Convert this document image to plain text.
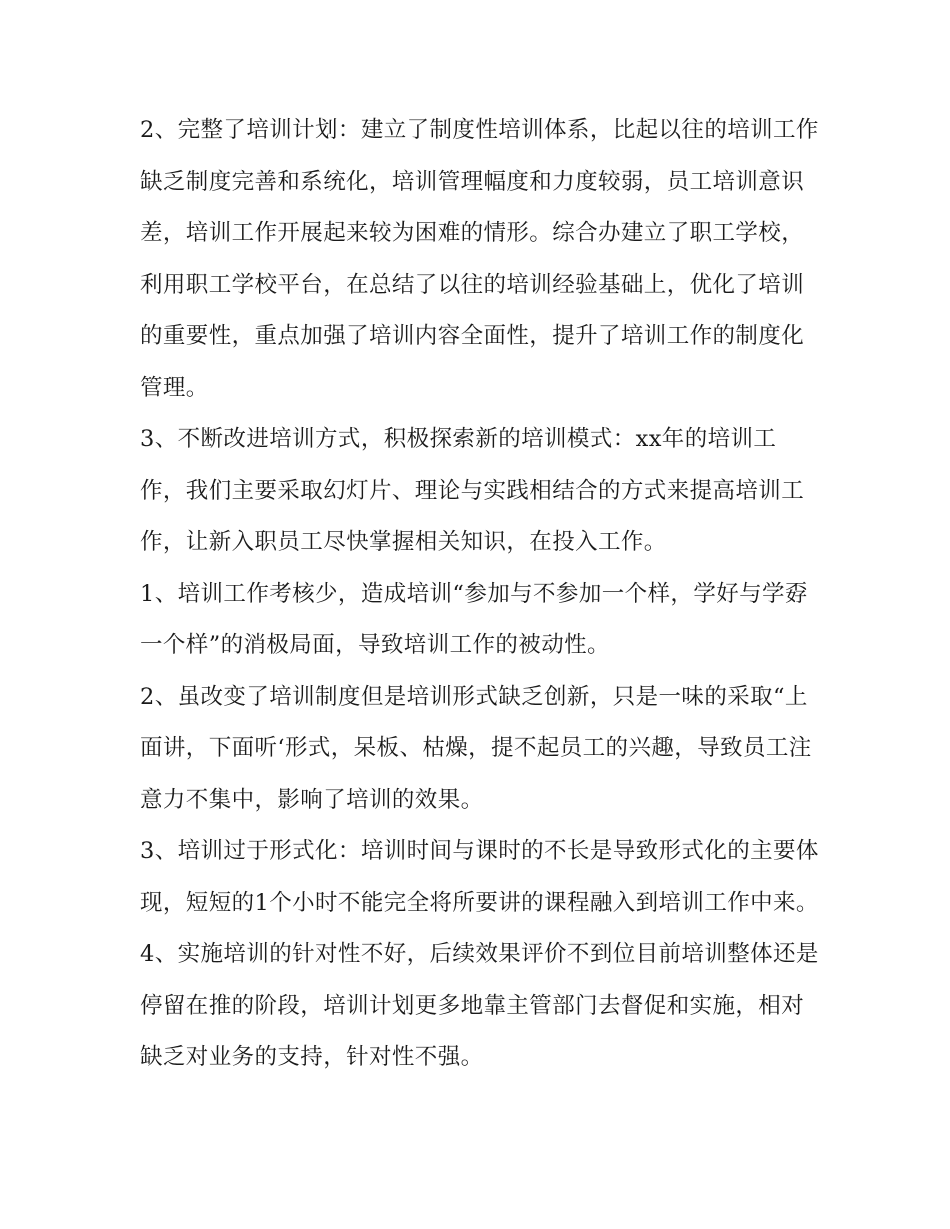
2、完整了培训计划：建立了制度性培训体系，比起以往的培训工作缺乏制度完善和系统化，培训管理幅度和力度较弱，员工培训意识差，培训工作开展起来较为困难的情形。综合办建立了职工学校，利用职工学校平台，在总结了以往的培训经验基础上，优化了培训的重要性，重点加强了培训内容全面性，提升了培训工作的制度化管理。

3、不断改进培训方式，积极探索新的培训模式：xx年的培训工作，我们主要采取幻灯片、理论与实践相结合的方式来提高培训工作，让新入职员工尽快掌握相关知识，在投入工作。

1、培训工作考核少，造成培训“参加与不参加一个样，学好与学孬一个样”的消极局面，导致培训工作的被动性。

2、虽改变了培训制度但是培训形式缺乏创新，只是一味的采取“上面讲，下面听‘形式，呆板、枯燥，提不起员工的兴趣，导致员工注意力不集中，影响了培训的效果。

3、培训过于形式化：培训时间与课时的不长是导致形式化的主要体现，短短的1个小时不能完全将所要讲的课程融入到培训工作中来。

4、实施培训的针对性不好，后续效果评价不到位目前培训整体还是停留在推的阶段，培训计划更多地靠主管部门去督促和实施，相对缺乏对业务的支持，针对性不强。
